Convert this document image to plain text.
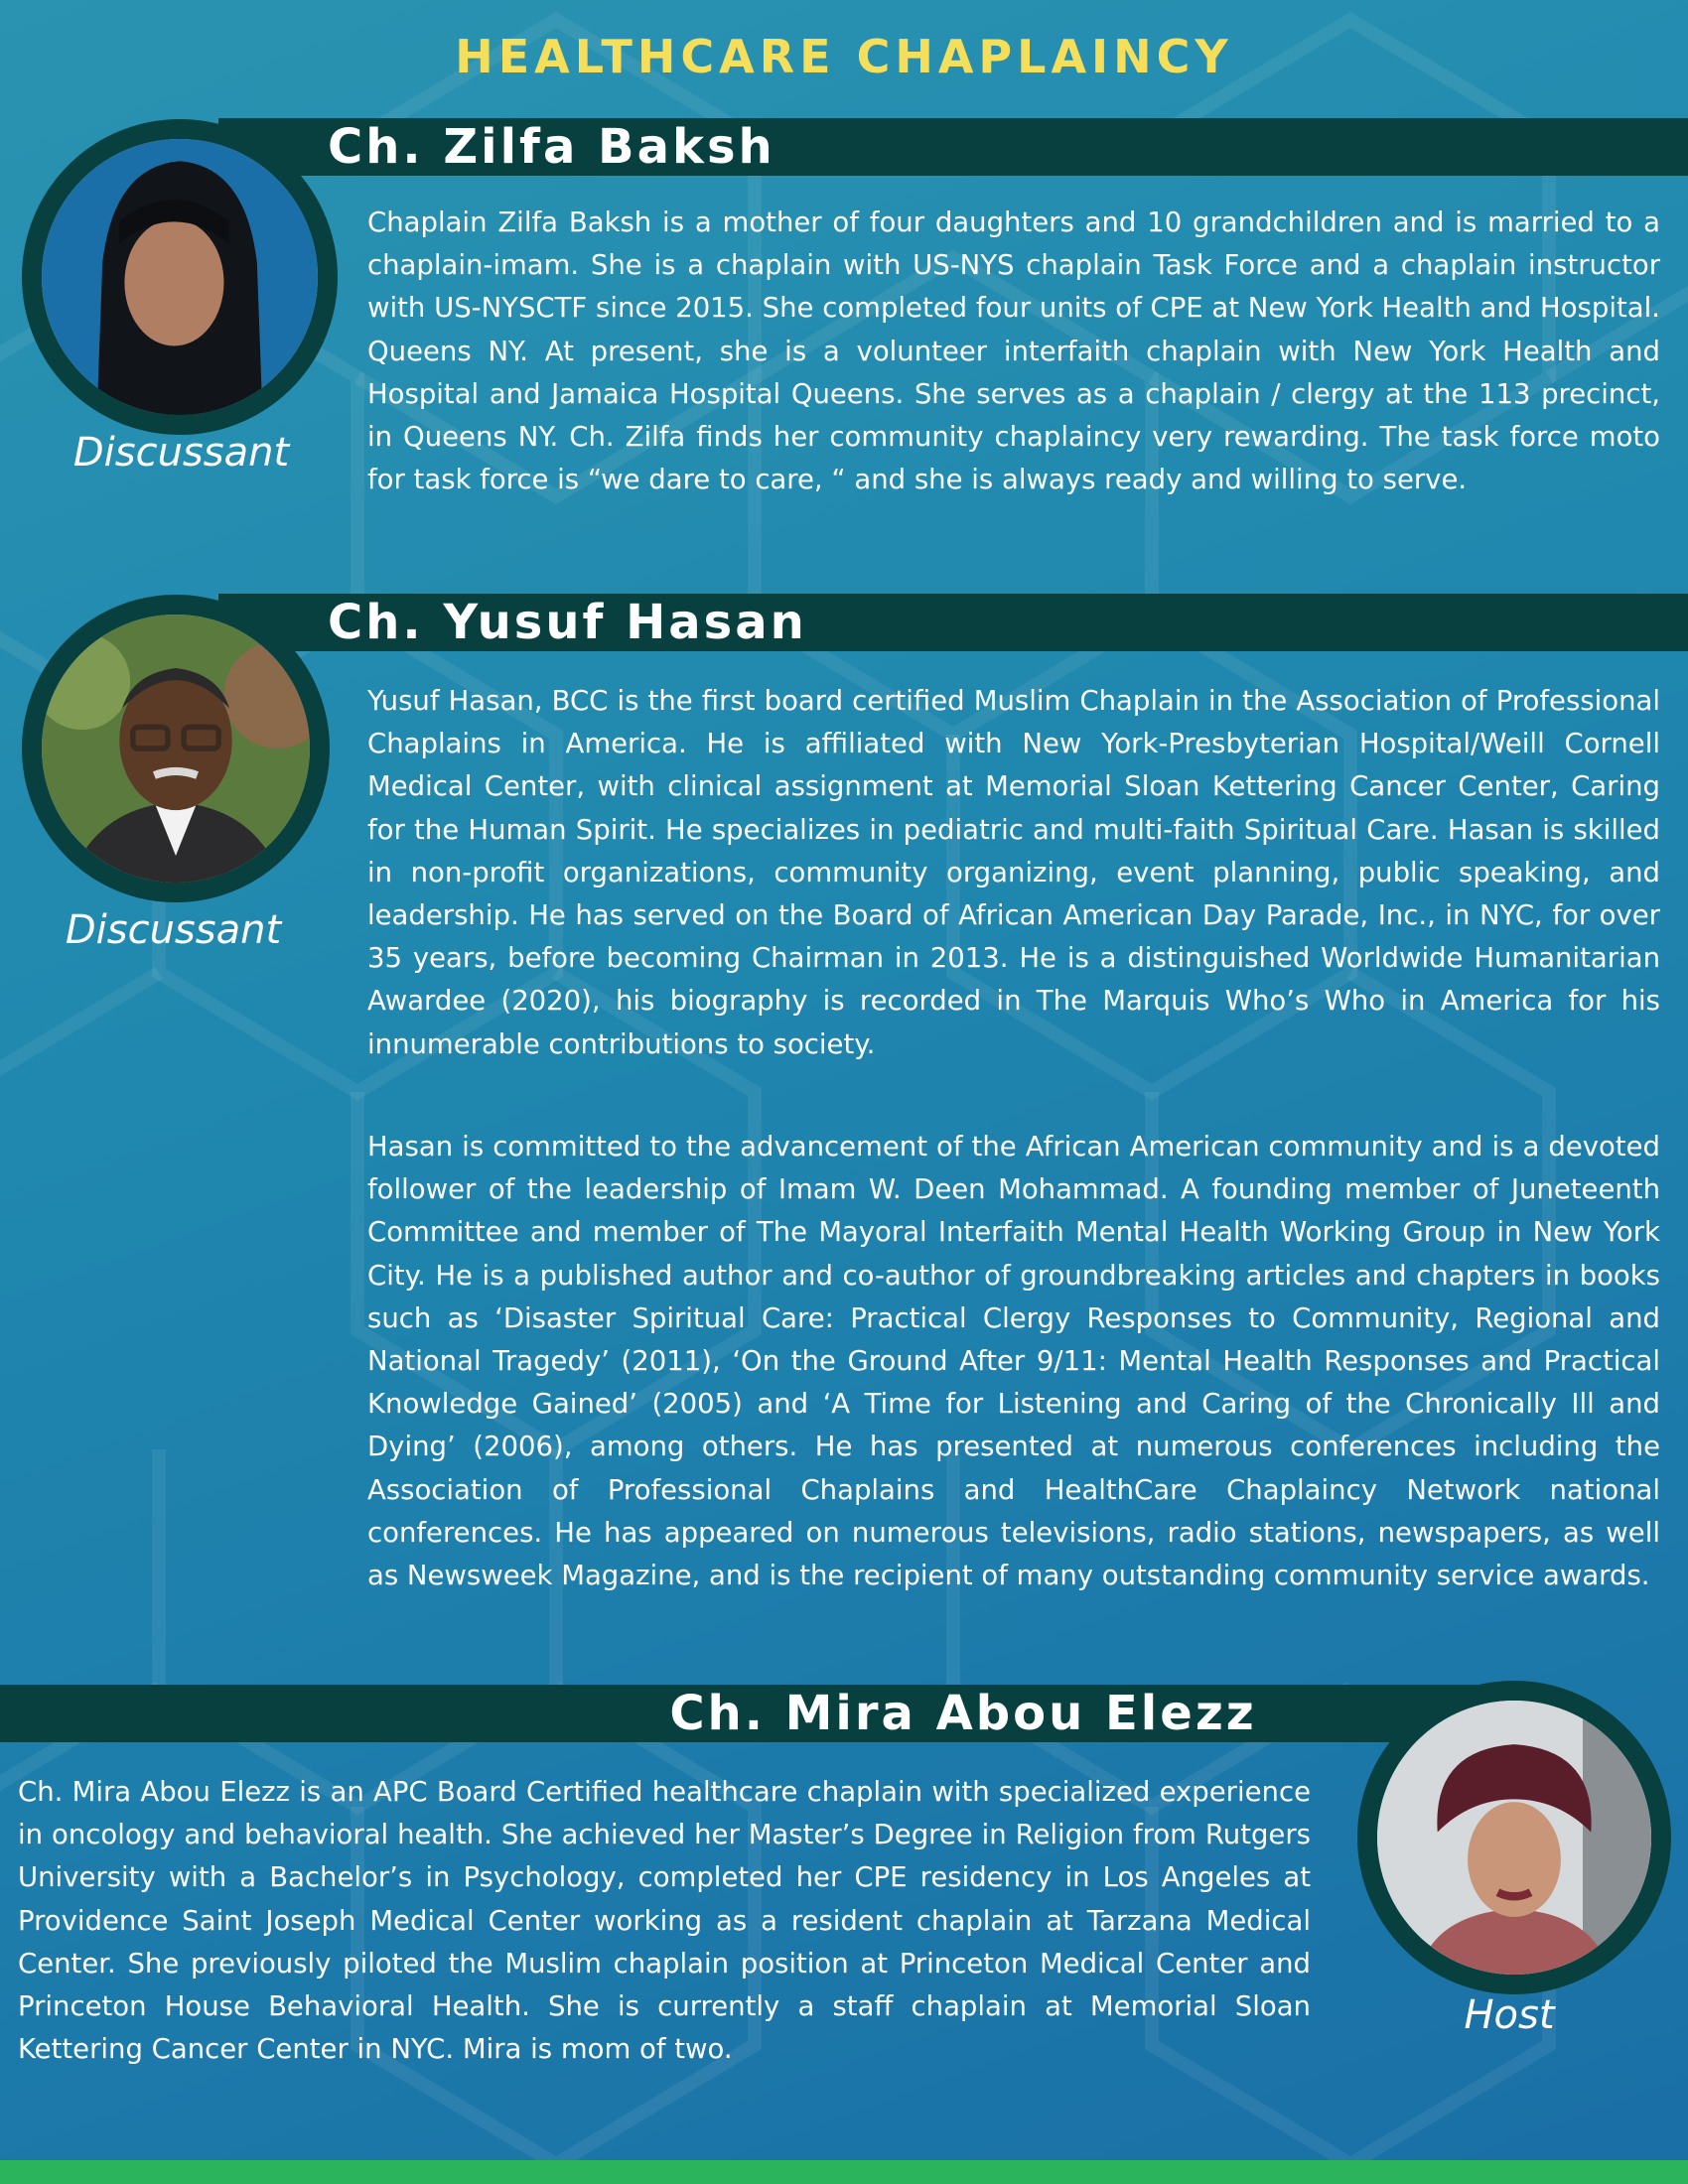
HEALTHCARE CHAPLAINCY
Ch. Zilfa Baksh
Discussant

Chaplain Zilfa Baksh is a mother of four daughters and 10 grandchildren and is married to a chaplain-imam. She is a chaplain with US-NYS chaplain Task Force and a chaplain instructor with US-NYSCTF since 2015. She completed four units of CPE at New York Health and Hospital. Queens NY. At present, she is a volunteer interfaith chaplain with New York Health and Hospital and Jamaica Hospital Queens. She serves as a chaplain / clergy at the 113 precinct, in Queens NY. Ch. Zilfa finds her community chaplaincy very rewarding. The task force moto for task force is “we dare to care, “ and she is always ready and willing to serve.

Ch. Yusuf Hasan
Discussant

Yusuf Hasan, BCC is the first board certified Muslim Chaplain in the Association of Professional Chaplains in America. He is affiliated with New York-Presbyterian Hospital/Weill Cornell Medical Center, with clinical assignment at Memorial Sloan Kettering Cancer Center, Caring for the Human Spirit. He specializes in pediatric and multi-faith Spiritual Care. Hasan is skilled in non-profit organizations, community organizing, event planning, public speaking, and leadership. He has served on the Board of African American Day Parade, Inc., in NYC, for over 35 years, before becoming Chairman in 2013. He is a distinguished Worldwide Humanitarian Awardee (2020), his biography is recorded in The Marquis Who’s Who in America for his innumerable contributions to society.

Hasan is committed to the advancement of the African American community and is a devoted follower of the leadership of Imam W. Deen Mohammad. A founding member of Juneteenth Committee and member of The Mayoral Interfaith Mental Health Working Group in New York City. He is a published author and co-author of groundbreaking articles and chapters in books such as ‘Disaster Spiritual Care: Practical Clergy Responses to Community, Regional and National Tragedy’ (2011), ‘On the Ground After 9/11: Mental Health Responses and Practical Knowledge Gained’ (2005) and ‘A Time for Listening and Caring of the Chronically Ill and Dying’ (2006), among others. He has presented at numerous conferences including the Association of Professional Chaplains and HealthCare Chaplaincy Network national conferences. He has appeared on numerous televisions, radio stations, newspapers, as well as Newsweek Magazine, and is the recipient of many outstanding community service awards.

Ch. Mira Abou Elezz
Host

Ch. Mira Abou Elezz is an APC Board Certified healthcare chaplain with specialized experience in oncology and behavioral health. She achieved her Master’s Degree in Religion from Rutgers University with a Bachelor’s in Psychology, completed her CPE residency in Los Angeles at Providence Saint Joseph Medical Center working as a resident chaplain at Tarzana Medical Center. She previously piloted the Muslim chaplain position at Princeton Medical Center and Princeton House Behavioral Health. She is currently a staff chaplain at Memorial Sloan Kettering Cancer Center in NYC. Mira is mom of two.
